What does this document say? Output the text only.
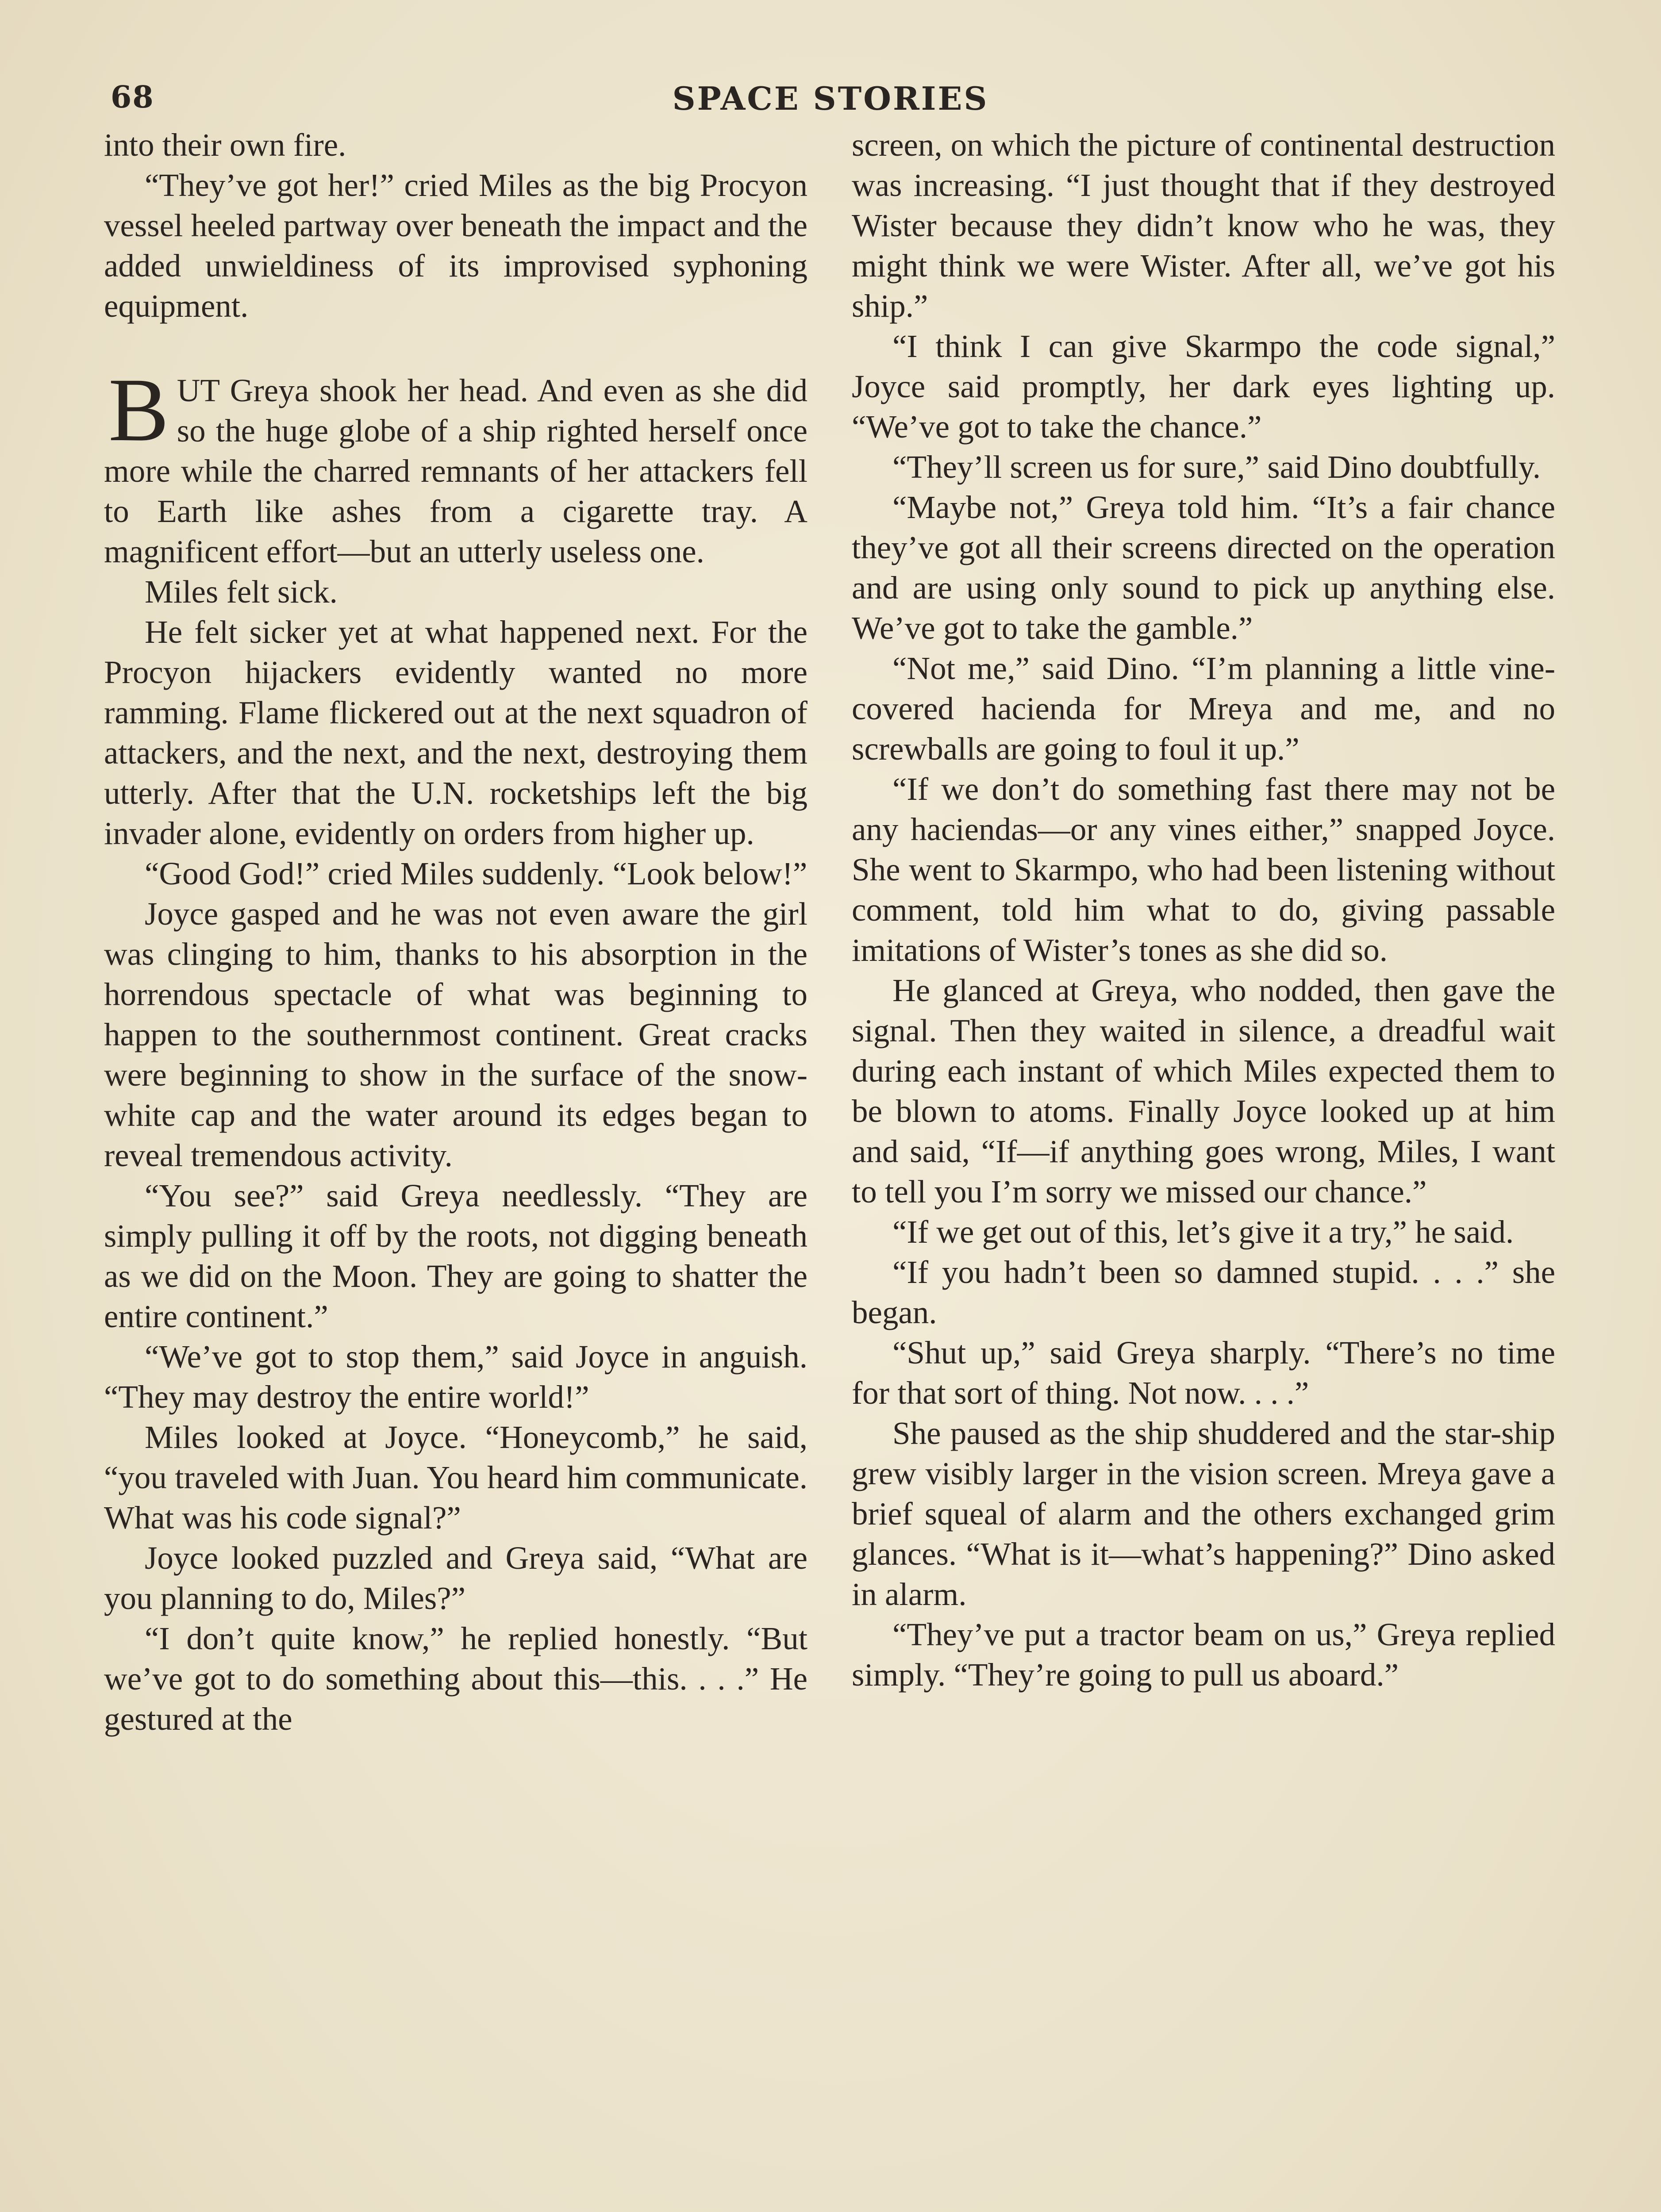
68	SPACE STORIES

into their own fire.

“They’ve got her!” cried Miles as the big Procyon vessel heeled partway over beneath the impact and the added unwieldiness of its improvised syphoning equipment.

BUT Greya shook her head. And even as she did so the huge globe of a ship righted herself once more while the charred remnants of her attackers fell to Earth like ashes from a cigarette tray. A magnificent effort—but an utterly useless one.

Miles felt sick.

He felt sicker yet at what happened next. For the Procyon hijackers evidently wanted no more ramming. Flame flickered out at the next squadron of attackers, and the next, and the next, destroying them utterly. After that the U.N. rocketships left the big invader alone, evidently on orders from higher up.

“Good God!” cried Miles suddenly. “Look below!”

Joyce gasped and he was not even aware the girl was clinging to him, thanks to his absorption in the horrendous spectacle of what was beginning to happen to the southernmost continent. Great cracks were beginning to show in the surface of the snow-white cap and the water around its edges began to reveal tremendous activity.

“You see?” said Greya needlessly. “They are simply pulling it off by the roots, not digging beneath as we did on the Moon. They are going to shatter the entire continent.”

“We’ve got to stop them,” said Joyce in anguish. “They may destroy the entire world!”

Miles looked at Joyce. “Honeycomb,” he said, “you traveled with Juan. You heard him communicate. What was his code signal?”

Joyce looked puzzled and Greya said, “What are you planning to do, Miles?”

“I don’t quite know,” he replied honestly. “But we’ve got to do something about this—this. . . .” He gestured at the

screen, on which the picture of continental destruction was increasing. “I just thought that if they destroyed Wister because they didn’t know who he was, they might think we were Wister. After all, we’ve got his ship.”

“I think I can give Skarmpo the code signal,” Joyce said promptly, her dark eyes lighting up. “We’ve got to take the chance.”

“They’ll screen us for sure,” said Dino doubtfully.

“Maybe not,” Greya told him. “It’s a fair chance they’ve got all their screens directed on the operation and are using only sound to pick up anything else. We’ve got to take the gamble.”

“Not me,” said Dino. “I’m planning a little vine-covered hacienda for Mreya and me, and no screwballs are going to foul it up.”

“If we don’t do something fast there may not be any haciendas—or any vines either,” snapped Joyce. She went to Skarmpo, who had been listening without comment, told him what to do, giving passable imitations of Wister’s tones as she did so.

He glanced at Greya, who nodded, then gave the signal. Then they waited in silence, a dreadful wait during each instant of which Miles expected them to be blown to atoms. Finally Joyce looked up at him and said, “If—if anything goes wrong, Miles, I want to tell you I’m sorry we missed our chance.”

“If we get out of this, let’s give it a try,” he said.

“If you hadn’t been so damned stupid. . . .” she began.

“Shut up,” said Greya sharply. “There’s no time for that sort of thing. Not now. . . .”

She paused as the ship shuddered and the star-ship grew visibly larger in the vision screen. Mreya gave a brief squeal of alarm and the others exchanged grim glances. “What is it—what’s happening?” Dino asked in alarm.

“They’ve put a tractor beam on us,” Greya replied simply. “They’re going to pull us aboard.”
